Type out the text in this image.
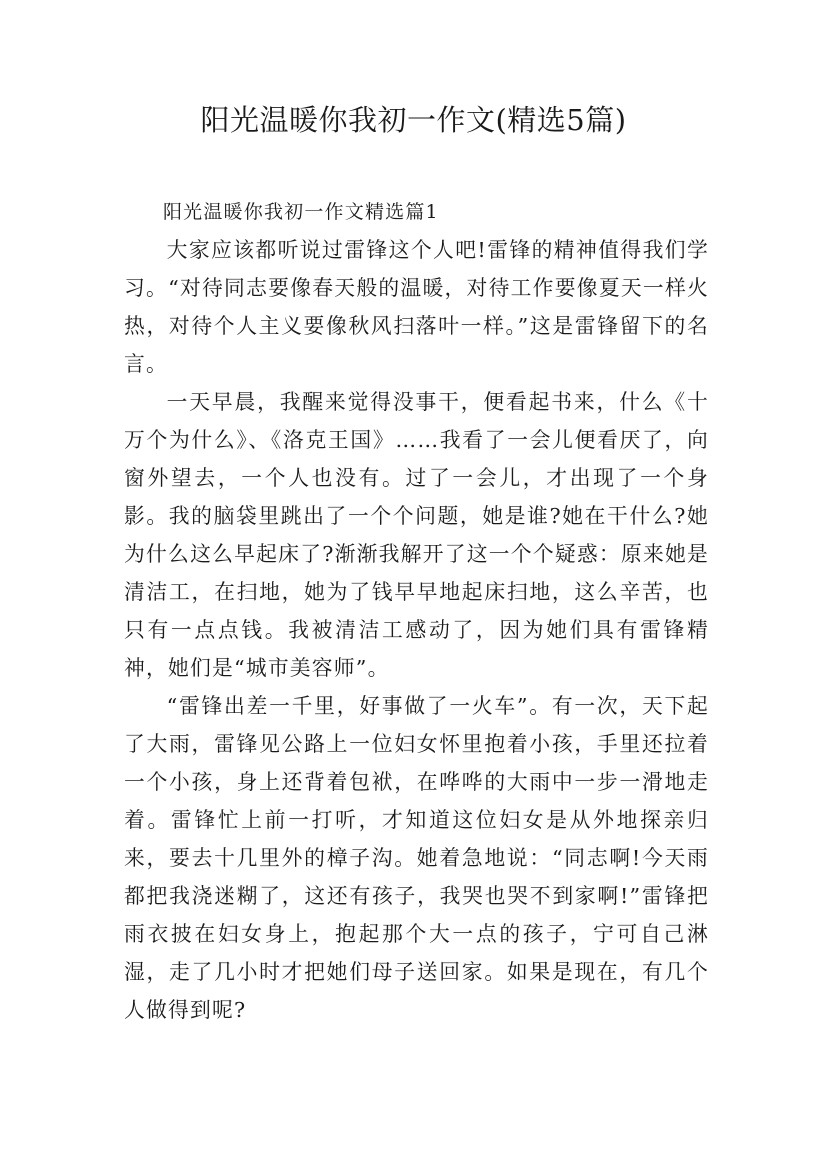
阳光温暖你我初一作文(精选5篇)

阳光温暖你我初一作文精选篇1

大家应该都听说过雷锋这个人吧!雷锋的精神值得我们学习。“对待同志要像春天般的温暖，对待工作要像夏天一样火热，对待个人主义要像秋风扫落叶一样。”这是雷锋留下的名言。

一天早晨，我醒来觉得没事干，便看起书来，什么《十万个为什么》、《洛克王国》……我看了一会儿便看厌了，向窗外望去，一个人也没有。过了一会儿，才出现了一个身影。我的脑袋里跳出了一个个问题，她是谁?她在干什么?她为什么这么早起床了?渐渐我解开了这一个个疑惑：原来她是清洁工，在扫地，她为了钱早早地起床扫地，这么辛苦，也只有一点点钱。我被清洁工感动了，因为她们具有雷锋精神，她们是“城市美容师”。

“雷锋出差一千里，好事做了一火车”。有一次，天下起了大雨，雷锋见公路上一位妇女怀里抱着小孩，手里还拉着一个小孩，身上还背着包袱，在哗哗的大雨中一步一滑地走着。雷锋忙上前一打听，才知道这位妇女是从外地探亲归来，要去十几里外的樟子沟。她着急地说：“同志啊!今天雨都把我浇迷糊了，这还有孩子，我哭也哭不到家啊!”雷锋把雨衣披在妇女身上，抱起那个大一点的孩子，宁可自己淋湿，走了几小时才把她们母子送回家。如果是现在，有几个人做得到呢?
